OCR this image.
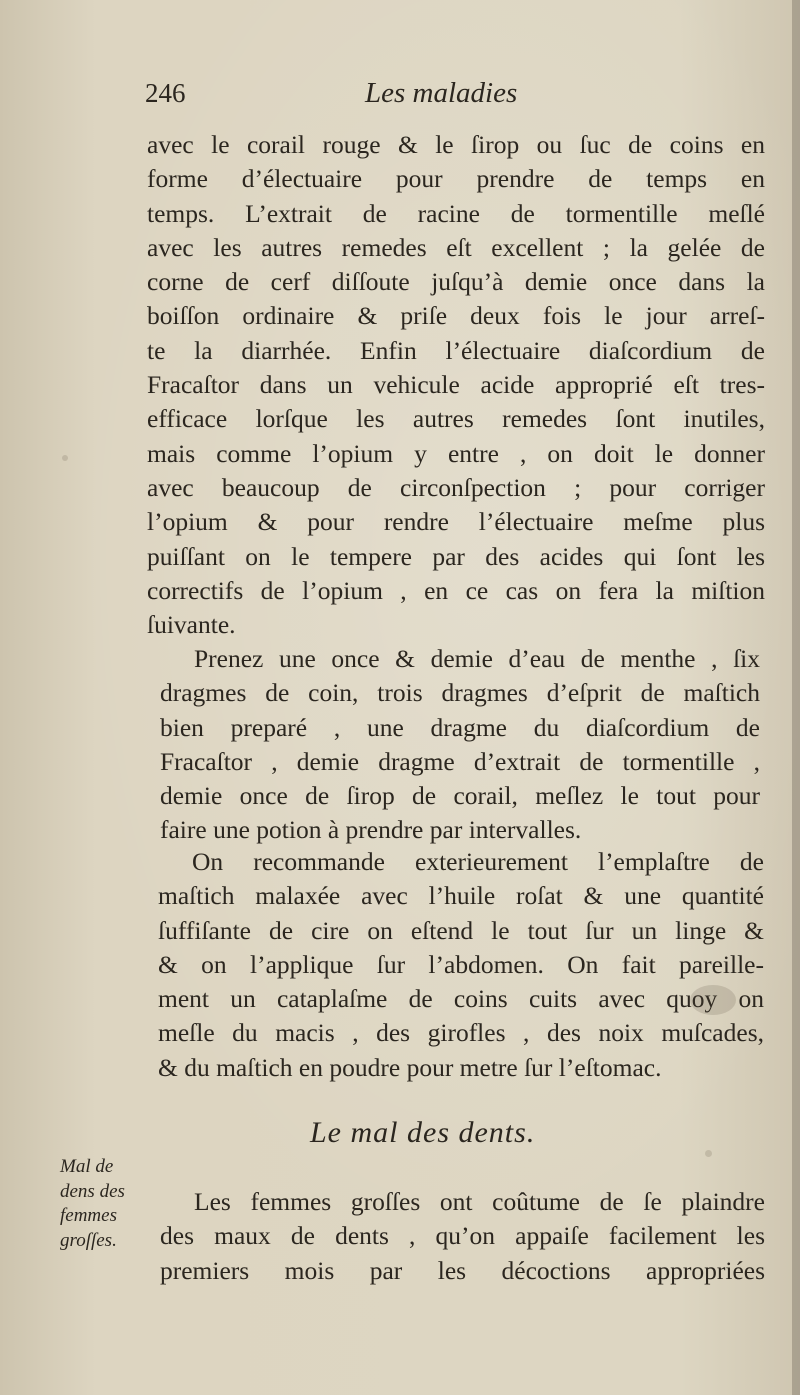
246	Les maladies
avec le corail rouge & le ſirop ou ſuc de coins en
forme d’électuaire pour prendre de temps en
temps. L’extrait de racine de tormentille meſlé
avec les autres remedes eſt excellent ; la gelée de
corne de cerf diſſoute juſqu’à demie once dans la
boiſſon ordinaire & priſe deux fois le jour arreſ-
te la diarrhée. Enfin l’électuaire diaſcordium de
Fracaſtor dans un vehicule acide approprié eſt tres-
efficace lorſque les autres remedes ſont inutiles,
mais comme l’opium y entre , on doit le donner
avec beaucoup de circonſpection ; pour corriger
l’opium & pour rendre l’électuaire meſme plus
puiſſant on le tempere par des acides qui ſont les
correctifs de l’opium , en ce cas on fera la miſtion
ſuivante.
Prenez une once & demie d’eau de menthe , ſix
dragmes de coin, trois dragmes d’eſprit de maſtich
bien preparé , une dragme du diaſcordium de
Fracaſtor , demie dragme d’extrait de tormentille ,
demie once de ſirop de corail, meſlez le tout pour
faire une potion à prendre par intervalles.
On recommande exterieurement l’emplaſtre de
maſtich malaxée avec l’huile roſat & une quantité
ſuffiſante de cire on eſtend le tout ſur un linge &
& on l’applique ſur l’abdomen. On fait pareille-
ment un cataplaſme de coins cuits avec quoy on
meſle du macis , des girofles , des noix muſcades,
& du maſtich en poudre pour metre ſur l’eſtomac.
Le mal des dents.
Mal de
dens des
femmes
groſſes.
Les femmes groſſes ont coûtume de ſe plaindre
des maux de dents , qu’on appaiſe facilement les
premiers mois par les décoctions appropriées
